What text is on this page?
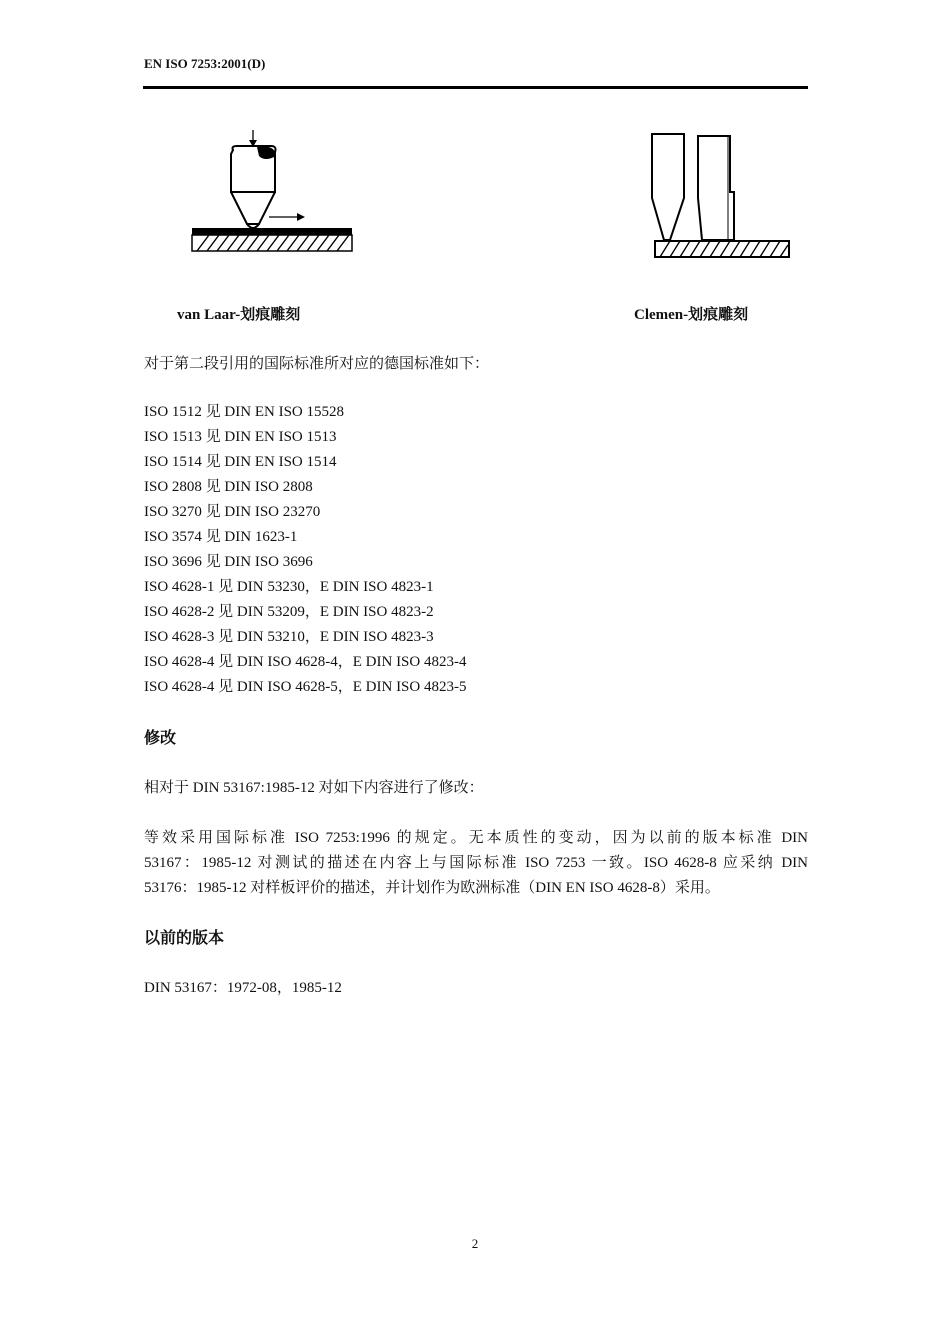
EN ISO 7253:2001(D)
van Laar-划痕雕刻	Clemen-划痕雕刻
对于第二段引用的国际标准所对应的德国标准如下：
ISO 1512 见 DIN EN ISO 15528
ISO 1513 见 DIN EN ISO 1513
ISO 1514 见 DIN EN ISO 1514
ISO 2808 见 DIN ISO 2808
ISO 3270 见 DIN ISO 23270
ISO 3574 见 DIN 1623-1
ISO 3696 见 DIN ISO 3696
ISO 4628-1 见 DIN 53230，E DIN ISO 4823-1
ISO 4628-2 见 DIN 53209，E DIN ISO 4823-2
ISO 4628-3 见 DIN 53210，E DIN ISO 4823-3
ISO 4628-4 见 DIN ISO 4628-4，E DIN ISO 4823-4
ISO 4628-4 见 DIN ISO 4628-5，E DIN ISO 4823-5
修改
相对于 DIN 53167:1985-12 对如下内容进行了修改：
等效采用国际标准 ISO 7253:1996 的规定。无本质性的变动，因为以前的版本标准 DIN
53167：1985-12 对测试的描述在内容上与国际标准 ISO 7253 一致。ISO 4628-8 应采纳 DIN
53176：1985-12 对样板评价的描述，并计划作为欧洲标准（DIN EN ISO 4628-8）采用。
以前的版本
DIN 53167：1972-08，1985-12
2
